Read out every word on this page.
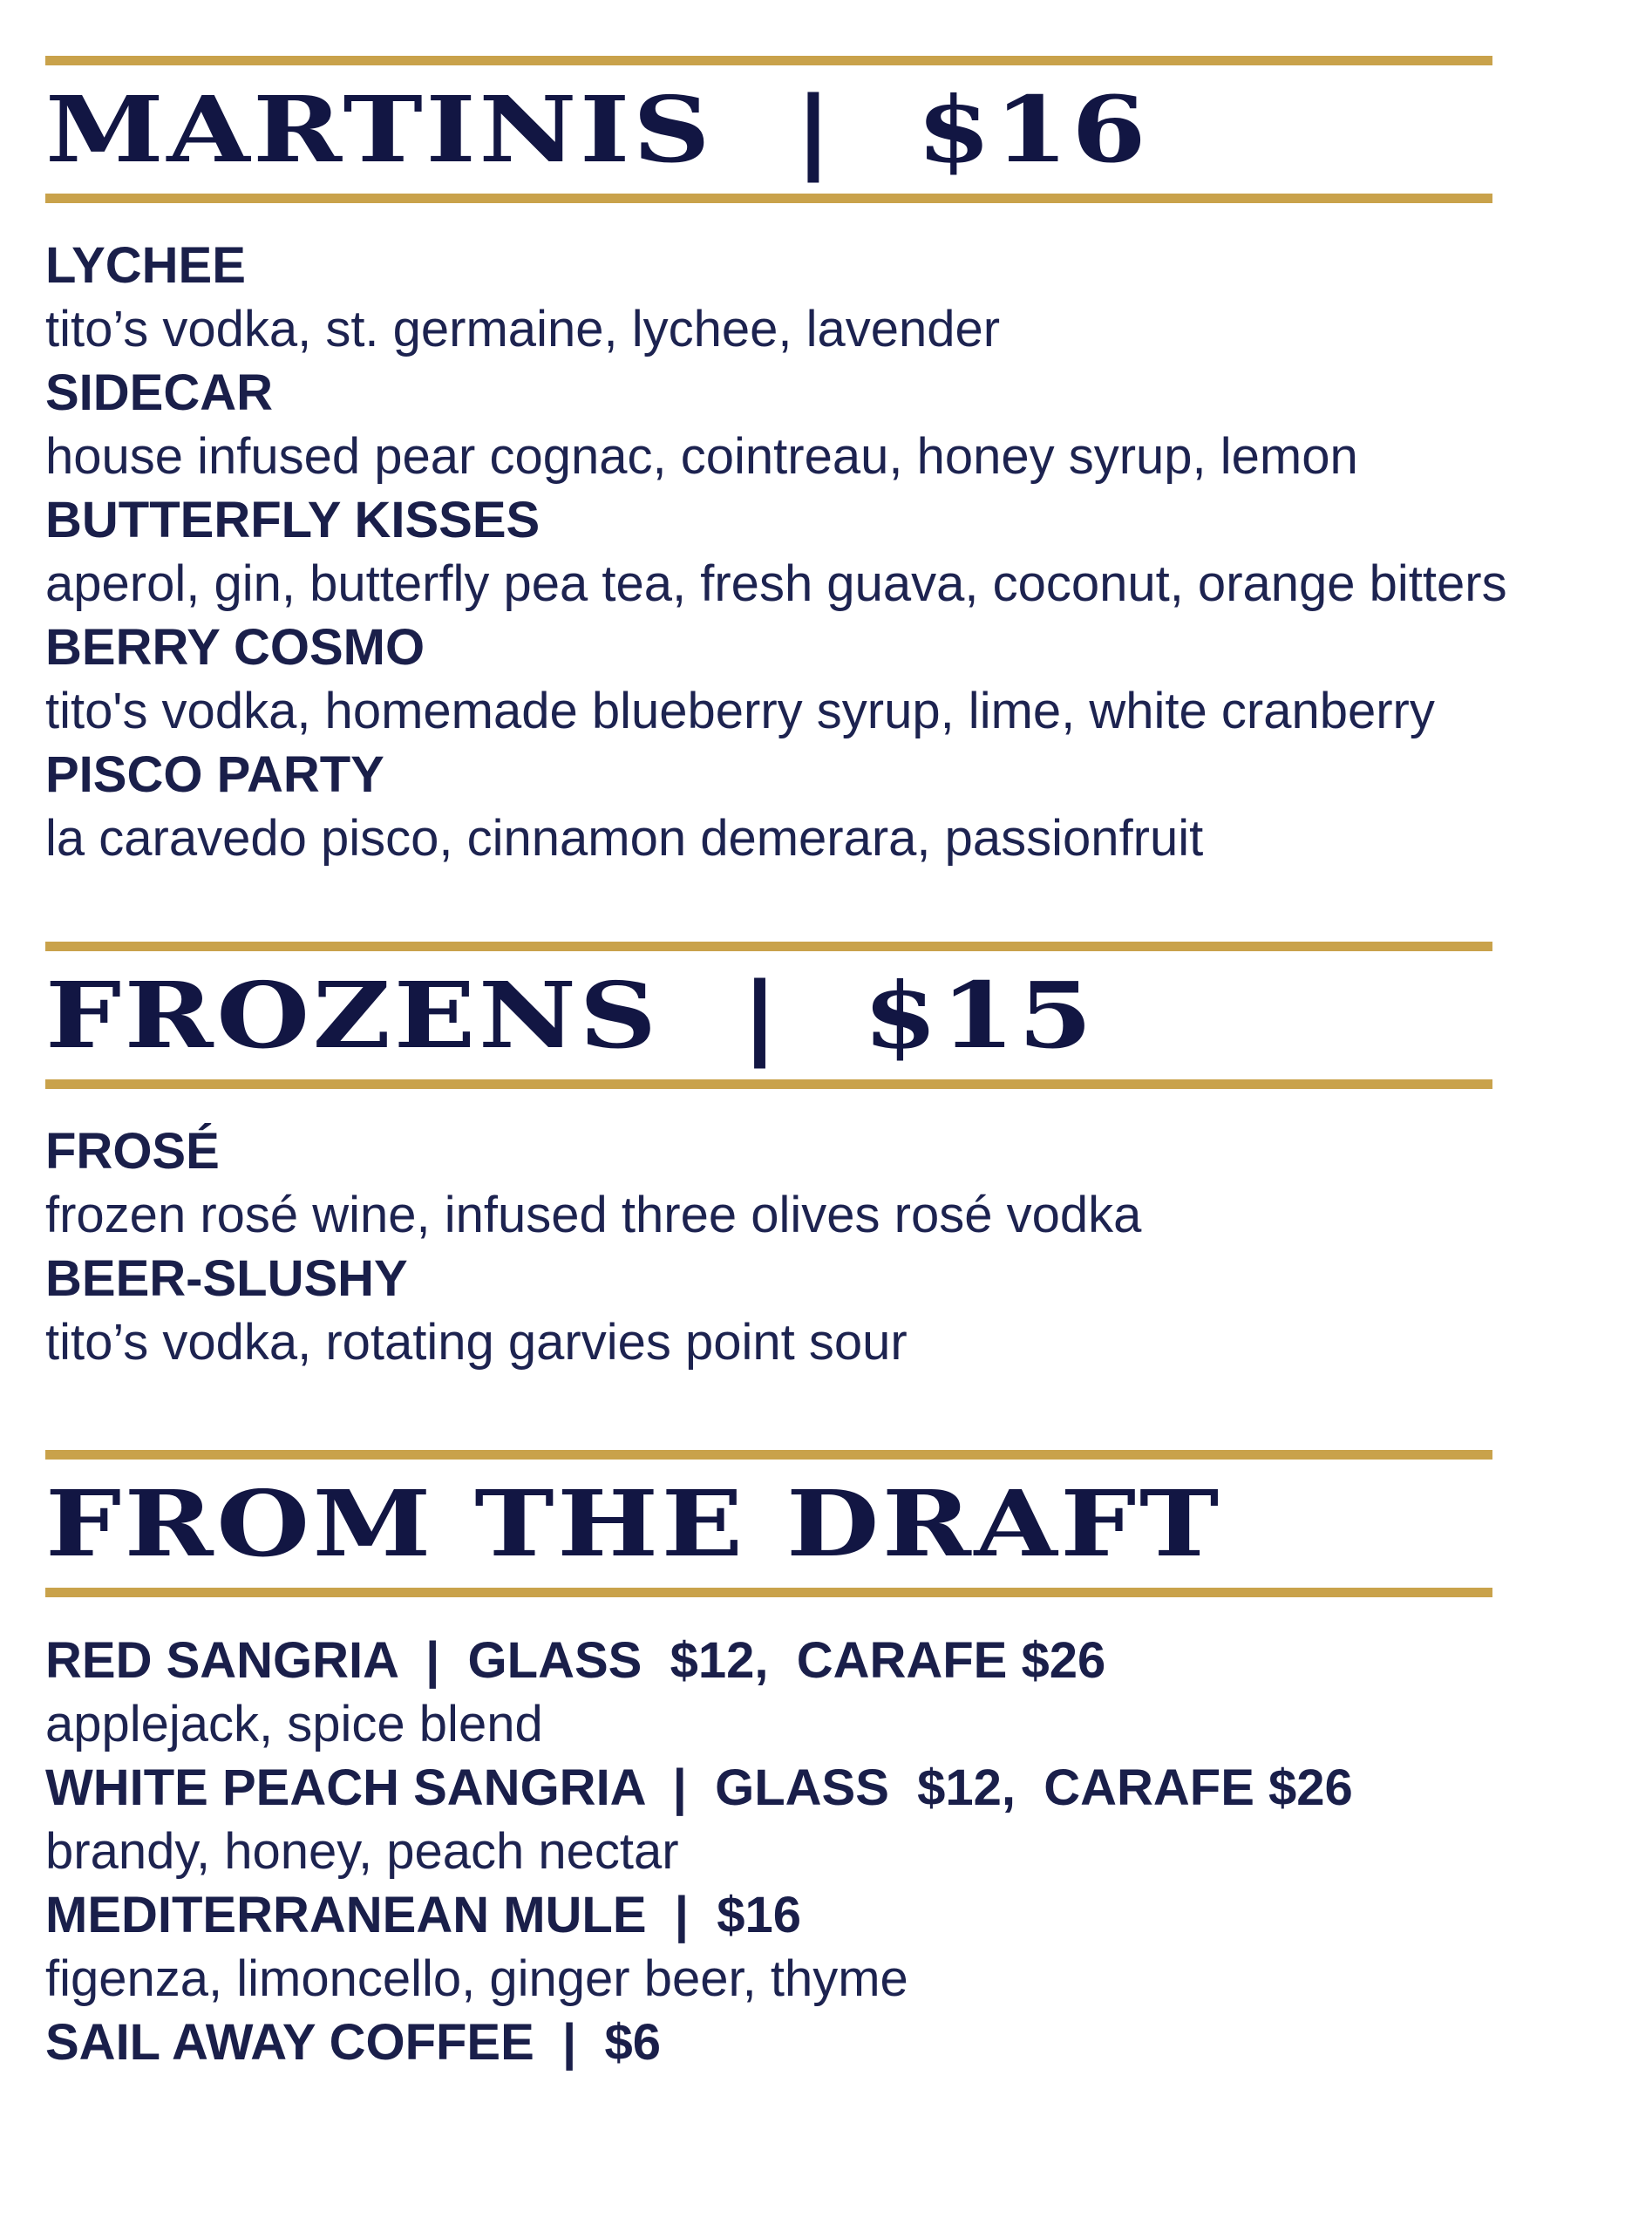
MARTINIS  |  $16
LYCHEE
tito’s vodka, st. germaine, lychee, lavender
SIDECAR
house infused pear cognac, cointreau, honey syrup, lemon
BUTTERFLY KISSES
aperol, gin, butterfly pea tea, fresh guava, coconut, orange bitters
BERRY COSMO
tito's vodka, homemade blueberry syrup, lime, white cranberry
PISCO PARTY
la caravedo pisco, cinnamon demerara, passionfruit
FROZENS  |  $15
FROSÉ
frozen rosé wine, infused three olives rosé vodka
BEER-SLUSHY
tito’s vodka, rotating garvies point sour
FROM THE DRAFT
RED SANGRIA  |  GLASS  $12,  CARAFE $26
applejack, spice blend
WHITE PEACH SANGRIA  |  GLASS  $12,  CARAFE $26
brandy, honey, peach nectar
MEDITERRANEAN MULE  |  $16
figenza, limoncello, ginger beer, thyme
SAIL AWAY COFFEE  |  $6
